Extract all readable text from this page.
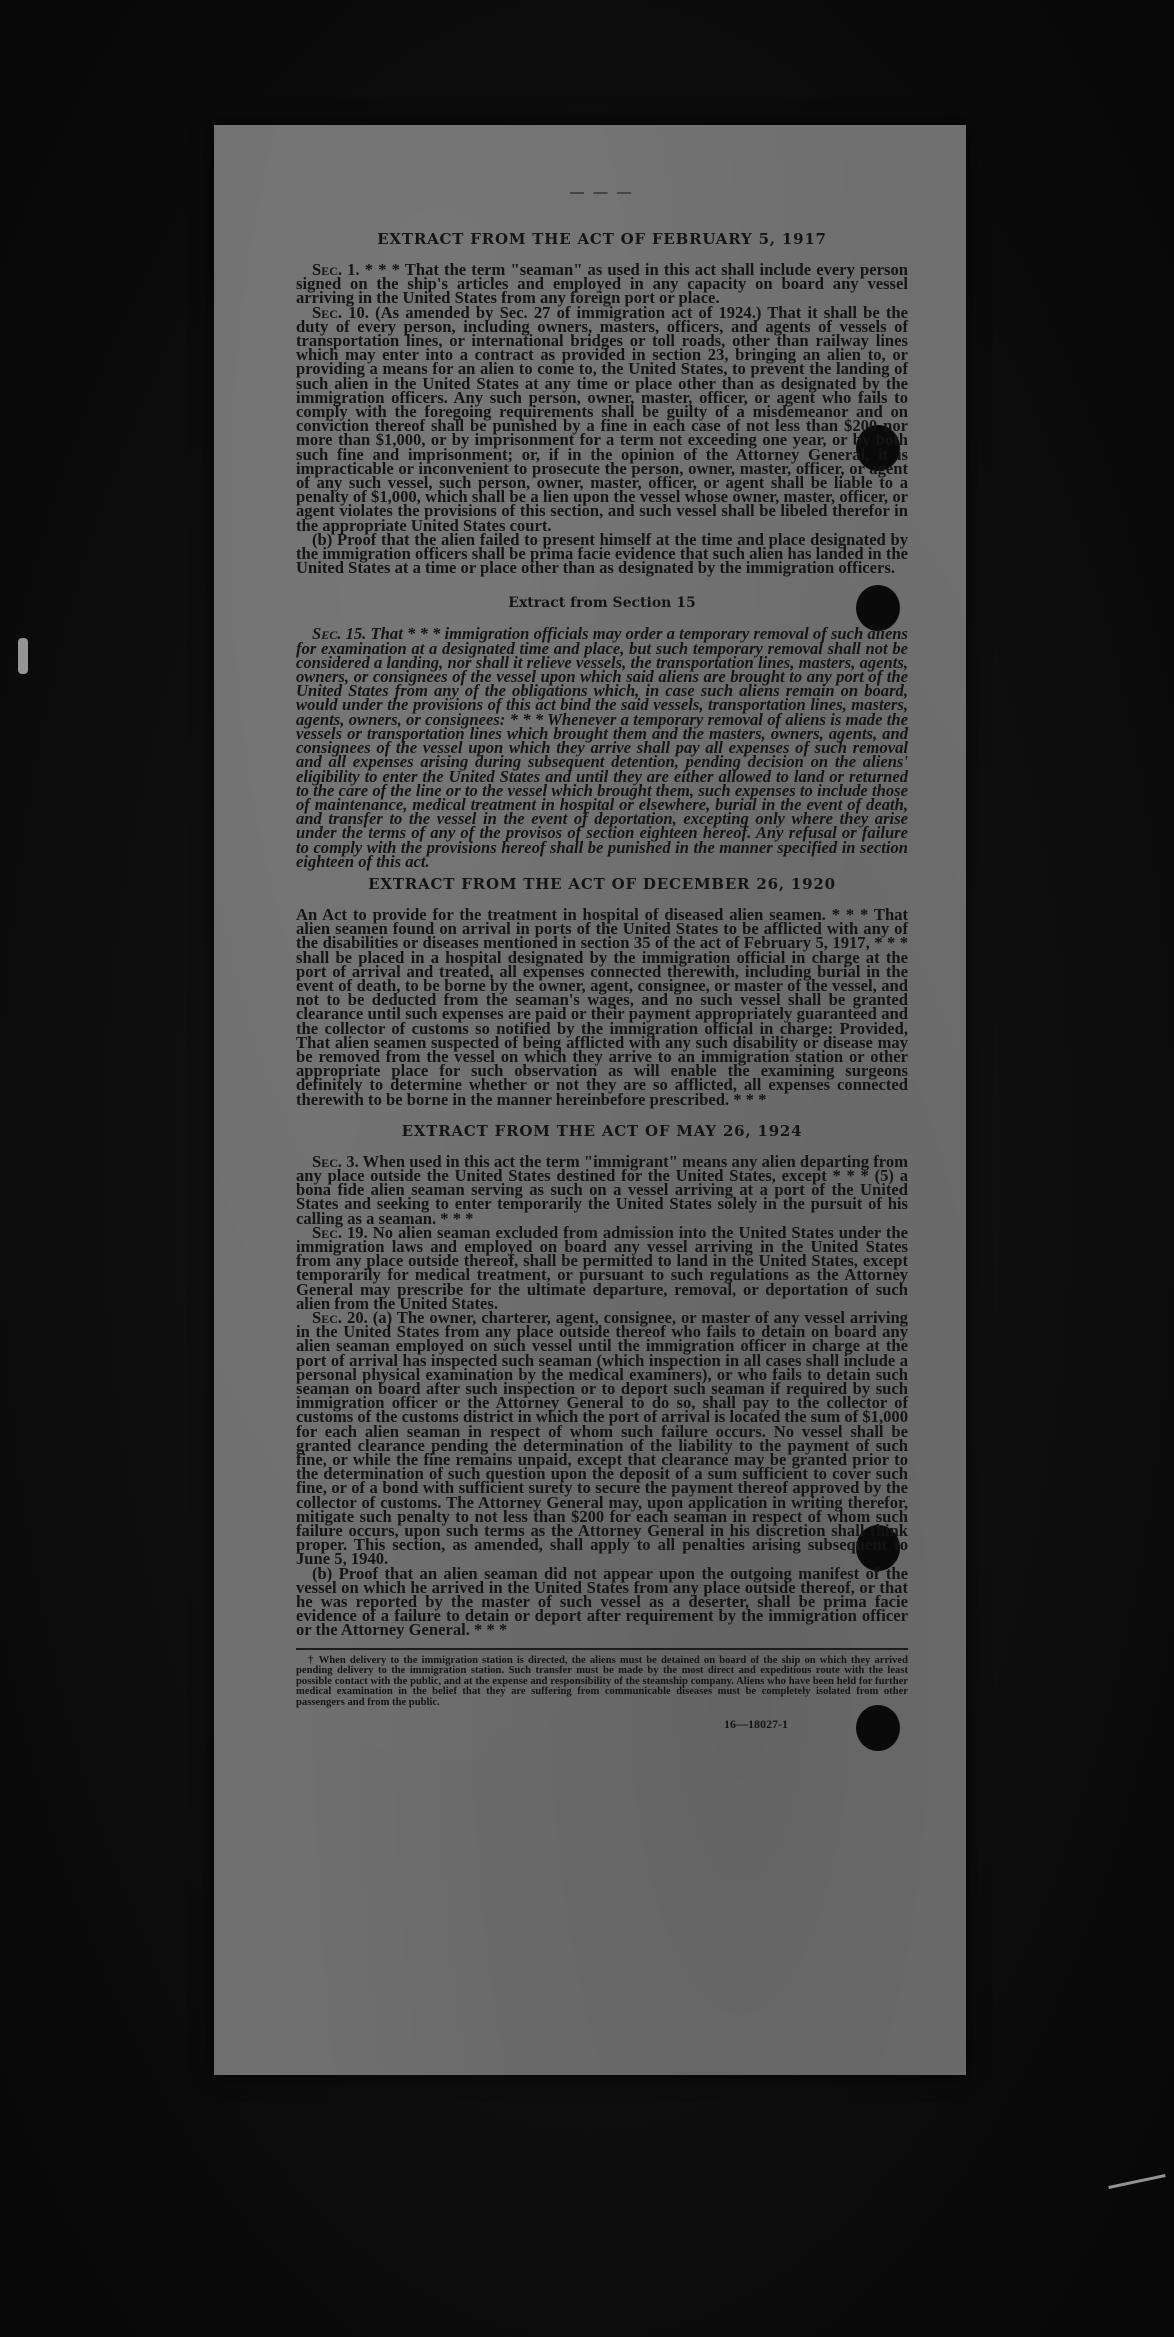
— — —
EXTRACT FROM THE ACT OF FEBRUARY 5, 1917

Sec. 1. * * * That the term "seaman" as used in this act shall include every person signed on the ship's articles and employed in any capacity on board any vessel arriving in the United States from any foreign port or place.

Sec. 10. (As amended by Sec. 27 of immigration act of 1924.) That it shall be the duty of every person, including owners, masters, officers, and agents of vessels of transportation lines, or international bridges or toll roads, other than railway lines which may enter into a contract as provided in section 23, bringing an alien to, or providing a means for an alien to come to, the United States, to prevent the landing of such alien in the United States at any time or place other than as designated by the immigration officers. Any such person, owner, master, officer, or agent who fails to comply with the foregoing requirements shall be guilty of a misdemeanor and on conviction thereof shall be punished by a fine in each case of not less than $200 nor more than $1,000, or by imprisonment for a term not exceeding one year, or by both such fine and imprisonment; or, if in the opinion of the Attorney General, it is impracticable or inconvenient to prosecute the person, owner, master, officer, or agent of any such vessel, such person, owner, master, officer, or agent shall be liable to a penalty of $1,000, which shall be a lien upon the vessel whose owner, master, officer, or agent violates the provisions of this section, and such vessel shall be libeled therefor in the appropriate United States court.

(b) Proof that the alien failed to present himself at the time and place designated by the immigration officers shall be prima facie evidence that such alien has landed in the United States at a time or place other than as designated by the immigration officers.

Extract from Section 15

Sec. 15. That * * * immigration officials may order a temporary removal of such aliens for examination at a designated time and place, but such temporary removal shall not be considered a landing, nor shall it relieve vessels, the transportation lines, masters, agents, owners, or consignees of the vessel upon which said aliens are brought to any port of the United States from any of the obligations which, in case such aliens remain on board, would under the provisions of this act bind the said vessels, transportation lines, masters, agents, owners, or consignees: * * * Whenever a temporary removal of aliens is made the vessels or transportation lines which brought them and the masters, owners, agents, and consignees of the vessel upon which they arrive shall pay all expenses of such removal and all expenses arising during subsequent detention, pending decision on the aliens' eligibility to enter the United States and until they are either allowed to land or returned to the care of the line or to the vessel which brought them, such expenses to include those of maintenance, medical treatment in hospital or elsewhere, burial in the event of death, and transfer to the vessel in the event of deportation, excepting only where they arise under the terms of any of the provisos of section eighteen hereof. Any refusal or failure to comply with the provisions hereof shall be punished in the manner specified in section eighteen of this act.

EXTRACT FROM THE ACT OF DECEMBER 26, 1920

An Act to provide for the treatment in hospital of diseased alien seamen. * * * That alien seamen found on arrival in ports of the United States to be afflicted with any of the disabilities or diseases mentioned in section 35 of the act of February 5, 1917, * * * shall be placed in a hospital designated by the immigration official in charge at the port of arrival and treated, all expenses connected therewith, including burial in the event of death, to be borne by the owner, agent, consignee, or master of the vessel, and not to be deducted from the seaman's wages, and no such vessel shall be granted clearance until such expenses are paid or their payment appropriately guaranteed and the collector of customs so notified by the immigration official in charge: Provided, That alien seamen suspected of being afflicted with any such disability or disease may be removed from the vessel on which they arrive to an immigration station or other appropriate place for such observation as will enable the examining surgeons definitely to determine whether or not they are so afflicted, all expenses connected therewith to be borne in the manner hereinbefore prescribed. * * *

EXTRACT FROM THE ACT OF MAY 26, 1924

Sec. 3. When used in this act the term "immigrant" means any alien departing from any place outside the United States destined for the United States, except * * * (5) a bona fide alien seaman serving as such on a vessel arriving at a port of the United States and seeking to enter temporarily the United States solely in the pursuit of his calling as a seaman. * * *

Sec. 19. No alien seaman excluded from admission into the United States under the immigration laws and employed on board any vessel arriving in the United States from any place outside thereof, shall be permitted to land in the United States, except temporarily for medical treatment, or pursuant to such regulations as the Attorney General may prescribe for the ultimate departure, removal, or deportation of such alien from the United States.

Sec. 20. (a) The owner, charterer, agent, consignee, or master of any vessel arriving in the United States from any place outside thereof who fails to detain on board any alien seaman employed on such vessel until the immigration officer in charge at the port of arrival has inspected such seaman (which inspection in all cases shall include a personal physical examination by the medical examiners), or who fails to detain such seaman on board after such inspection or to deport such seaman if required by such immigration officer or the Attorney General to do so, shall pay to the collector of customs of the customs district in which the port of arrival is located the sum of $1,000 for each alien seaman in respect of whom such failure occurs. No vessel shall be granted clearance pending the determination of the liability to the payment of such fine, or while the fine remains unpaid, except that clearance may be granted prior to the determination of such question upon the deposit of a sum sufficient to cover such fine, or of a bond with sufficient surety to secure the payment thereof approved by the collector of customs. The Attorney General may, upon application in writing therefor, mitigate such penalty to not less than $200 for each seaman in respect of whom such failure occurs, upon such terms as the Attorney General in his discretion shall think proper. This section, as amended, shall apply to all penalties arising subsequent to June 5, 1940.

(b) Proof that an alien seaman did not appear upon the outgoing manifest of the vessel on which he arrived in the United States from any place outside thereof, or that he was reported by the master of such vessel as a deserter, shall be prima facie evidence of a failure to detain or deport after requirement by the immigration officer or the Attorney General. * * *

† When delivery to the immigration station is directed, the aliens must be detained on board of the ship on which they arrived pending delivery to the immigration station. Such transfer must be made by the most direct and expeditious route with the least possible contact with the public, and at the expense and responsibility of the steamship company. Aliens who have been held for further medical examination in the belief that they are suffering from communicable diseases must be completely isolated from other passengers and from the public.

16—18027-1
